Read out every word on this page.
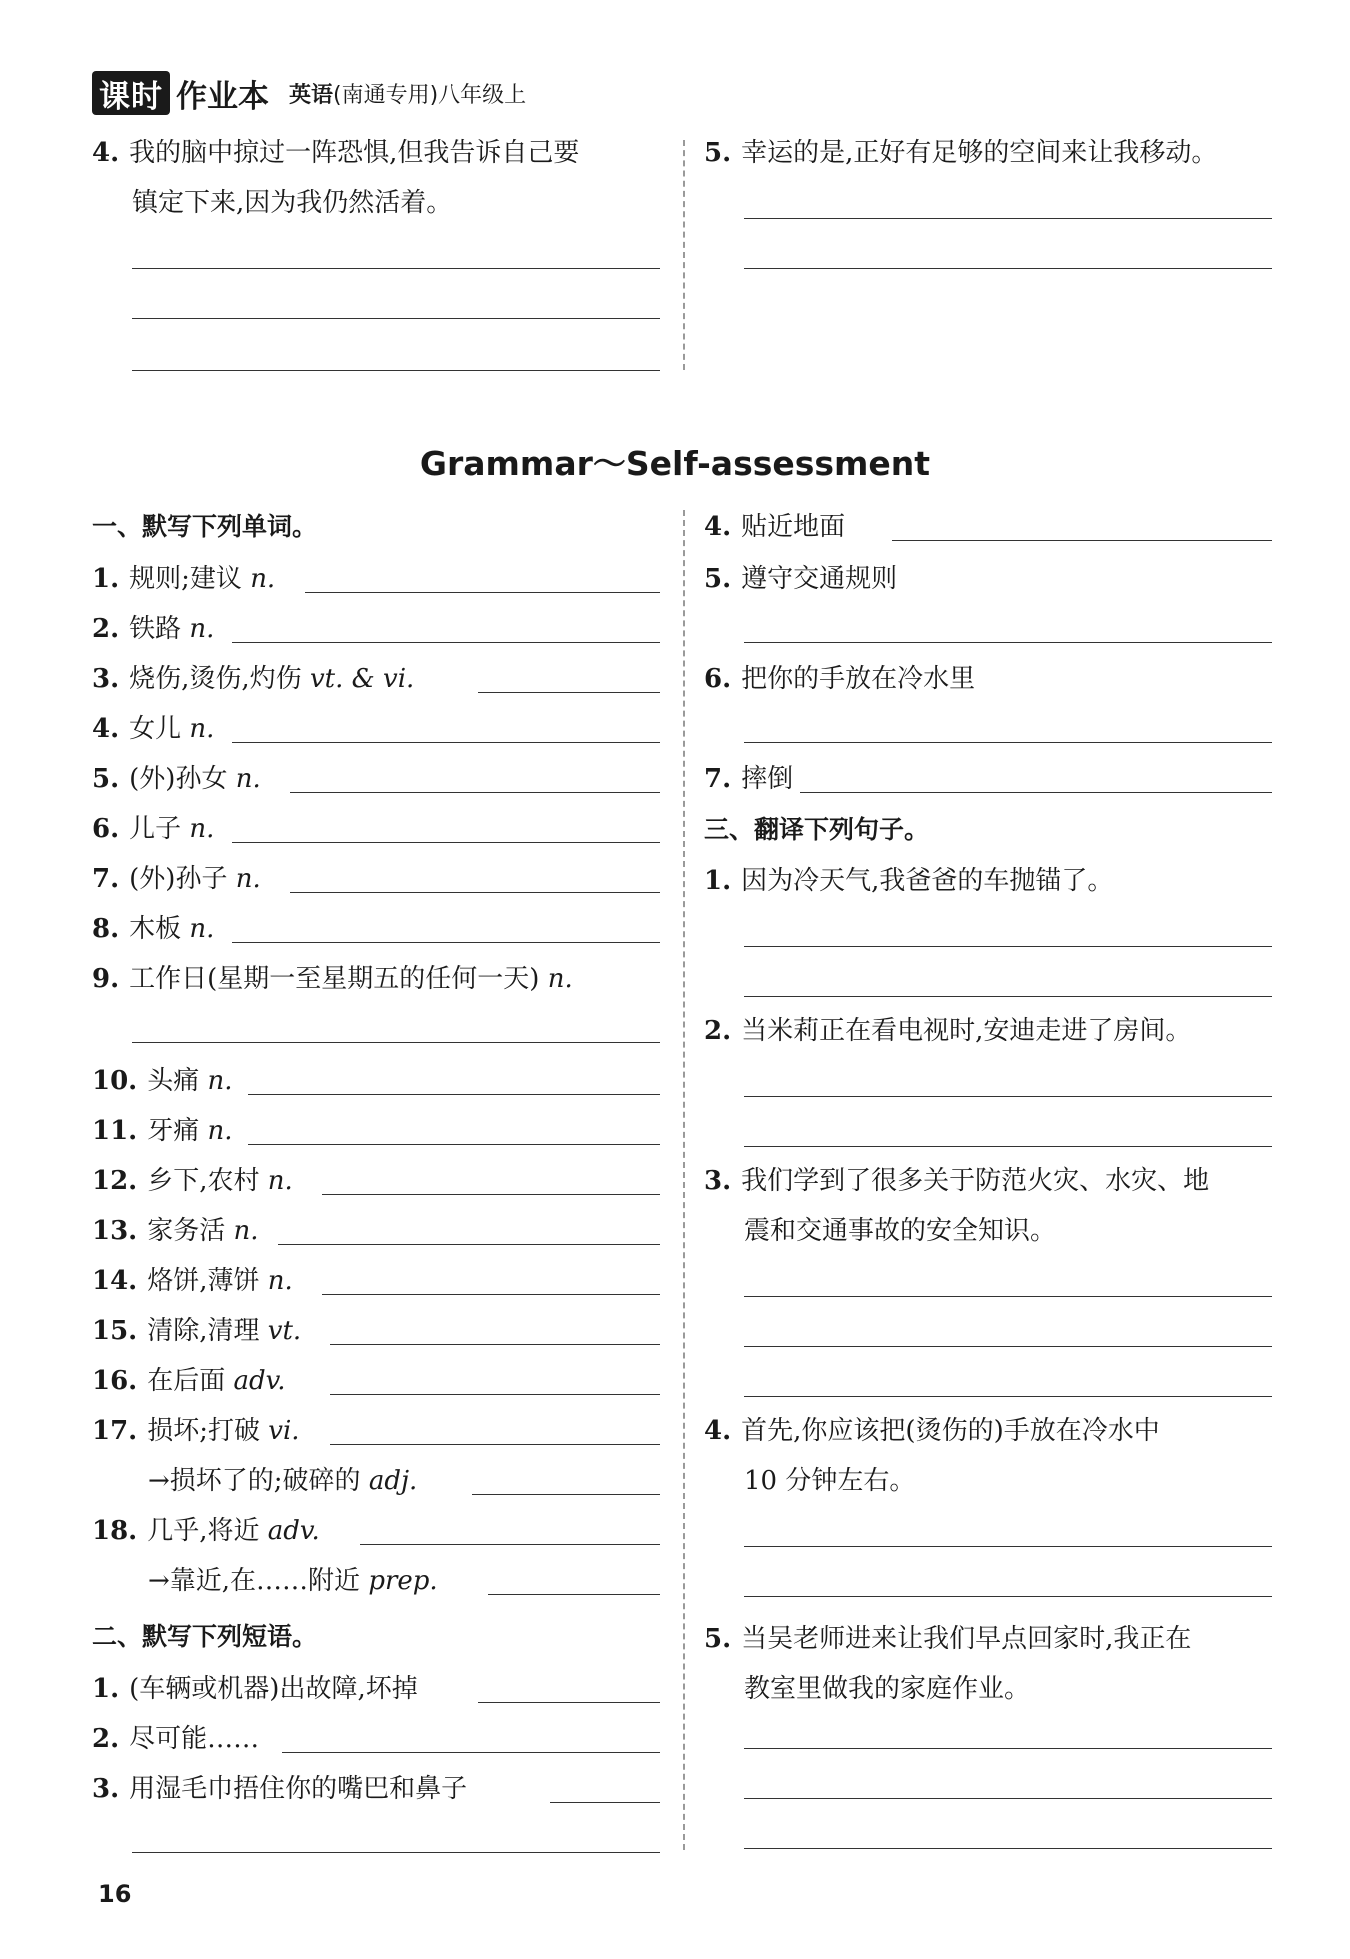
课时 作业本 英语(南通专用)八年级上
4. 我的脑中掠过一阵恐惧,但我告诉自己要
镇定下来,因为我仍然活着。
5. 幸运的是,正好有足够的空间来让我移动。
Grammar～Self-assessment
一、默写下列单词。
1. 规则;建议 n.
2. 铁路 n.
3. 烧伤,烫伤,灼伤 vt. & vi.
4. 女儿 n.
5. (外)孙女 n.
6. 儿子 n.
7. (外)孙子 n.
8. 木板 n.
9. 工作日(星期一至星期五的任何一天) n.
10. 头痛 n.
11. 牙痛 n.
12. 乡下,农村 n.
13. 家务活 n.
14. 烙饼,薄饼 n.
15. 清除,清理 vt.
16. 在后面 adv.
17. 损坏;打破 vi.
→损坏了的;破碎的 adj.
18. 几乎,将近 adv.
→靠近,在……附近 prep.
二、默写下列短语。
1. (车辆或机器)出故障,坏掉
2. 尽可能……
3. 用湿毛巾捂住你的嘴巴和鼻子
4. 贴近地面
5. 遵守交通规则
6. 把你的手放在冷水里
7. 摔倒
三、翻译下列句子。
1. 因为冷天气,我爸爸的车抛锚了。
2. 当米莉正在看电视时,安迪走进了房间。
3. 我们学到了很多关于防范火灾、水灾、地
震和交通事故的安全知识。
4. 首先,你应该把(烫伤的)手放在冷水中
10 分钟左右。
5. 当吴老师进来让我们早点回家时,我正在
教室里做我的家庭作业。
16
